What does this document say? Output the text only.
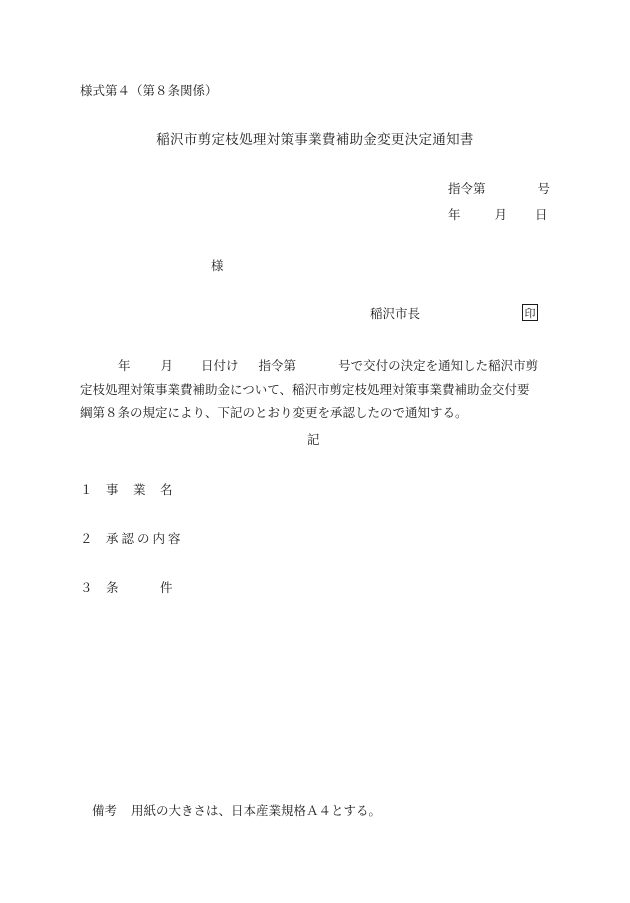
様式第４（第８条関係）
稲沢市剪定枝処理対策事業費補助金変更決定通知書
指令第	号
年	月 日
様
稲沢市長	印

年 月 日付け 指令第	号で交付の決定を通知した稲沢市剪

定枝処理対策事業費補助金について、稲沢市剪定枝処理対策事業費補助金交付要

綱第８条の規定により、下記のとおり変更を承認したので通知する。

記
１ 事　業　名
２ 承認の内容
３ 条　　　件
備考 用紙の大きさは、日本産業規格Ａ４とする。
